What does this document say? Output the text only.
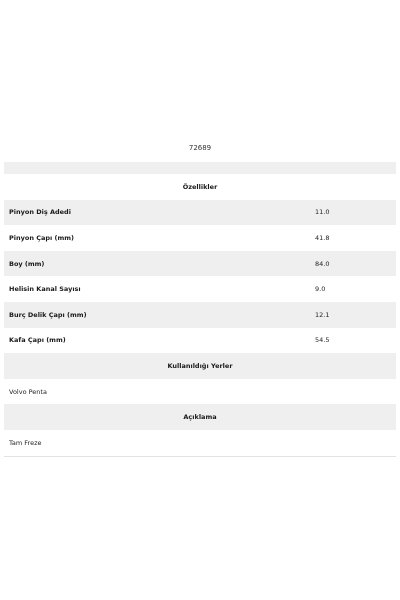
72689
Özellikler
Pinyon Diş Adedi	11.0
Pinyon Çapı (mm)	41.8
Boy (mm)	84.0
Helisin Kanal Sayısı	9.0
Burç Delik Çapı (mm)	12.1
Kafa Çapı (mm)	54.5
Kullanıldığı Yerler
Volvo Penta
Açıklama
Tam Freze
